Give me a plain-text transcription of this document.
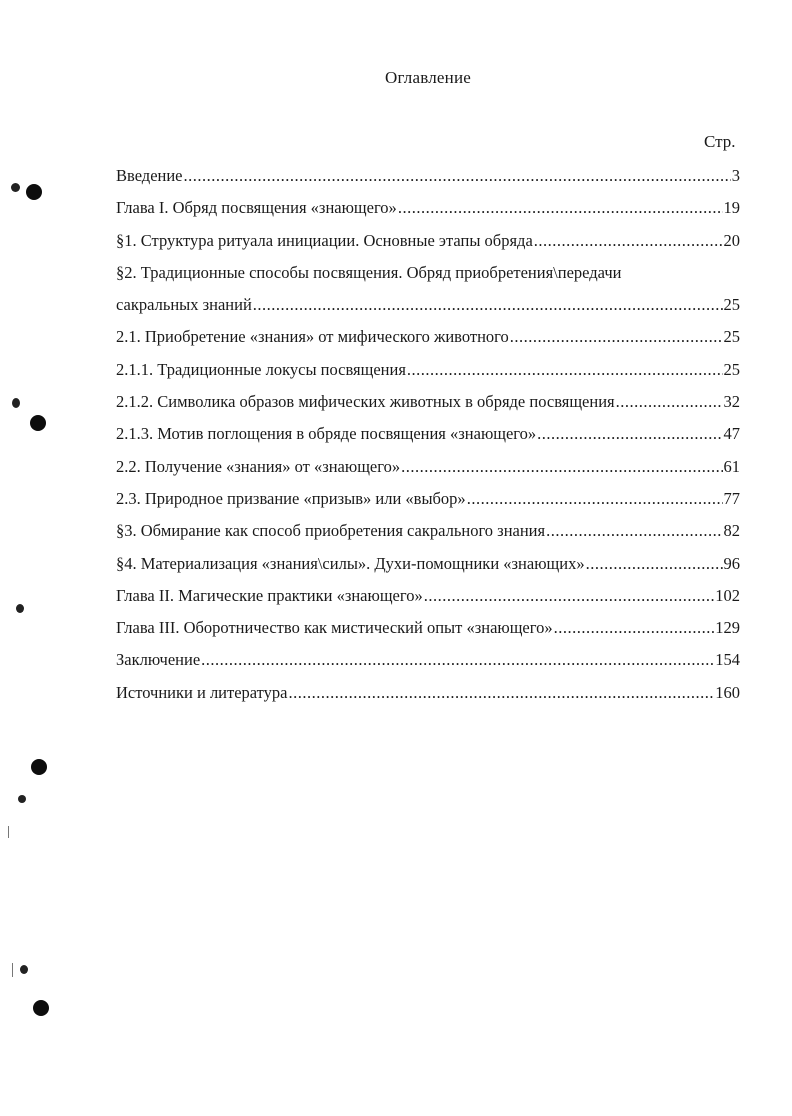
Оглавление
Стр.
Введение .....	3
Глава I. Обряд посвящения «знающего» .....	19
§1. Структура ритуала инициации. Основные этапы обряда .....	20
§2. Традиционные способы посвящения. Обряд приобретения\передачи
сакральных знаний .....	25
2.1. Приобретение «знания» от мифического животного .....	25
2.1.1. Традиционные локусы посвящения .....	25
2.1.2. Символика образов мифических животных в обряде посвящения .....	32
2.1.3. Мотив поглощения в обряде посвящения «знающего» .....	47
2.2. Получение «знания» от «знающего» .....	61
2.3. Природное призвание «призыв» или «выбор» .....	77
§3. Обмирание как способ приобретения сакрального знания .....	82
§4. Материализация «знания\силы». Духи-помощники «знающих» .....	96
Глава II. Магические практики «знающего» .....	102
Глава III. Оборотничество как мистический опыт «знающего» .....	129
Заключение .....	154
Источники и литература .....	160
